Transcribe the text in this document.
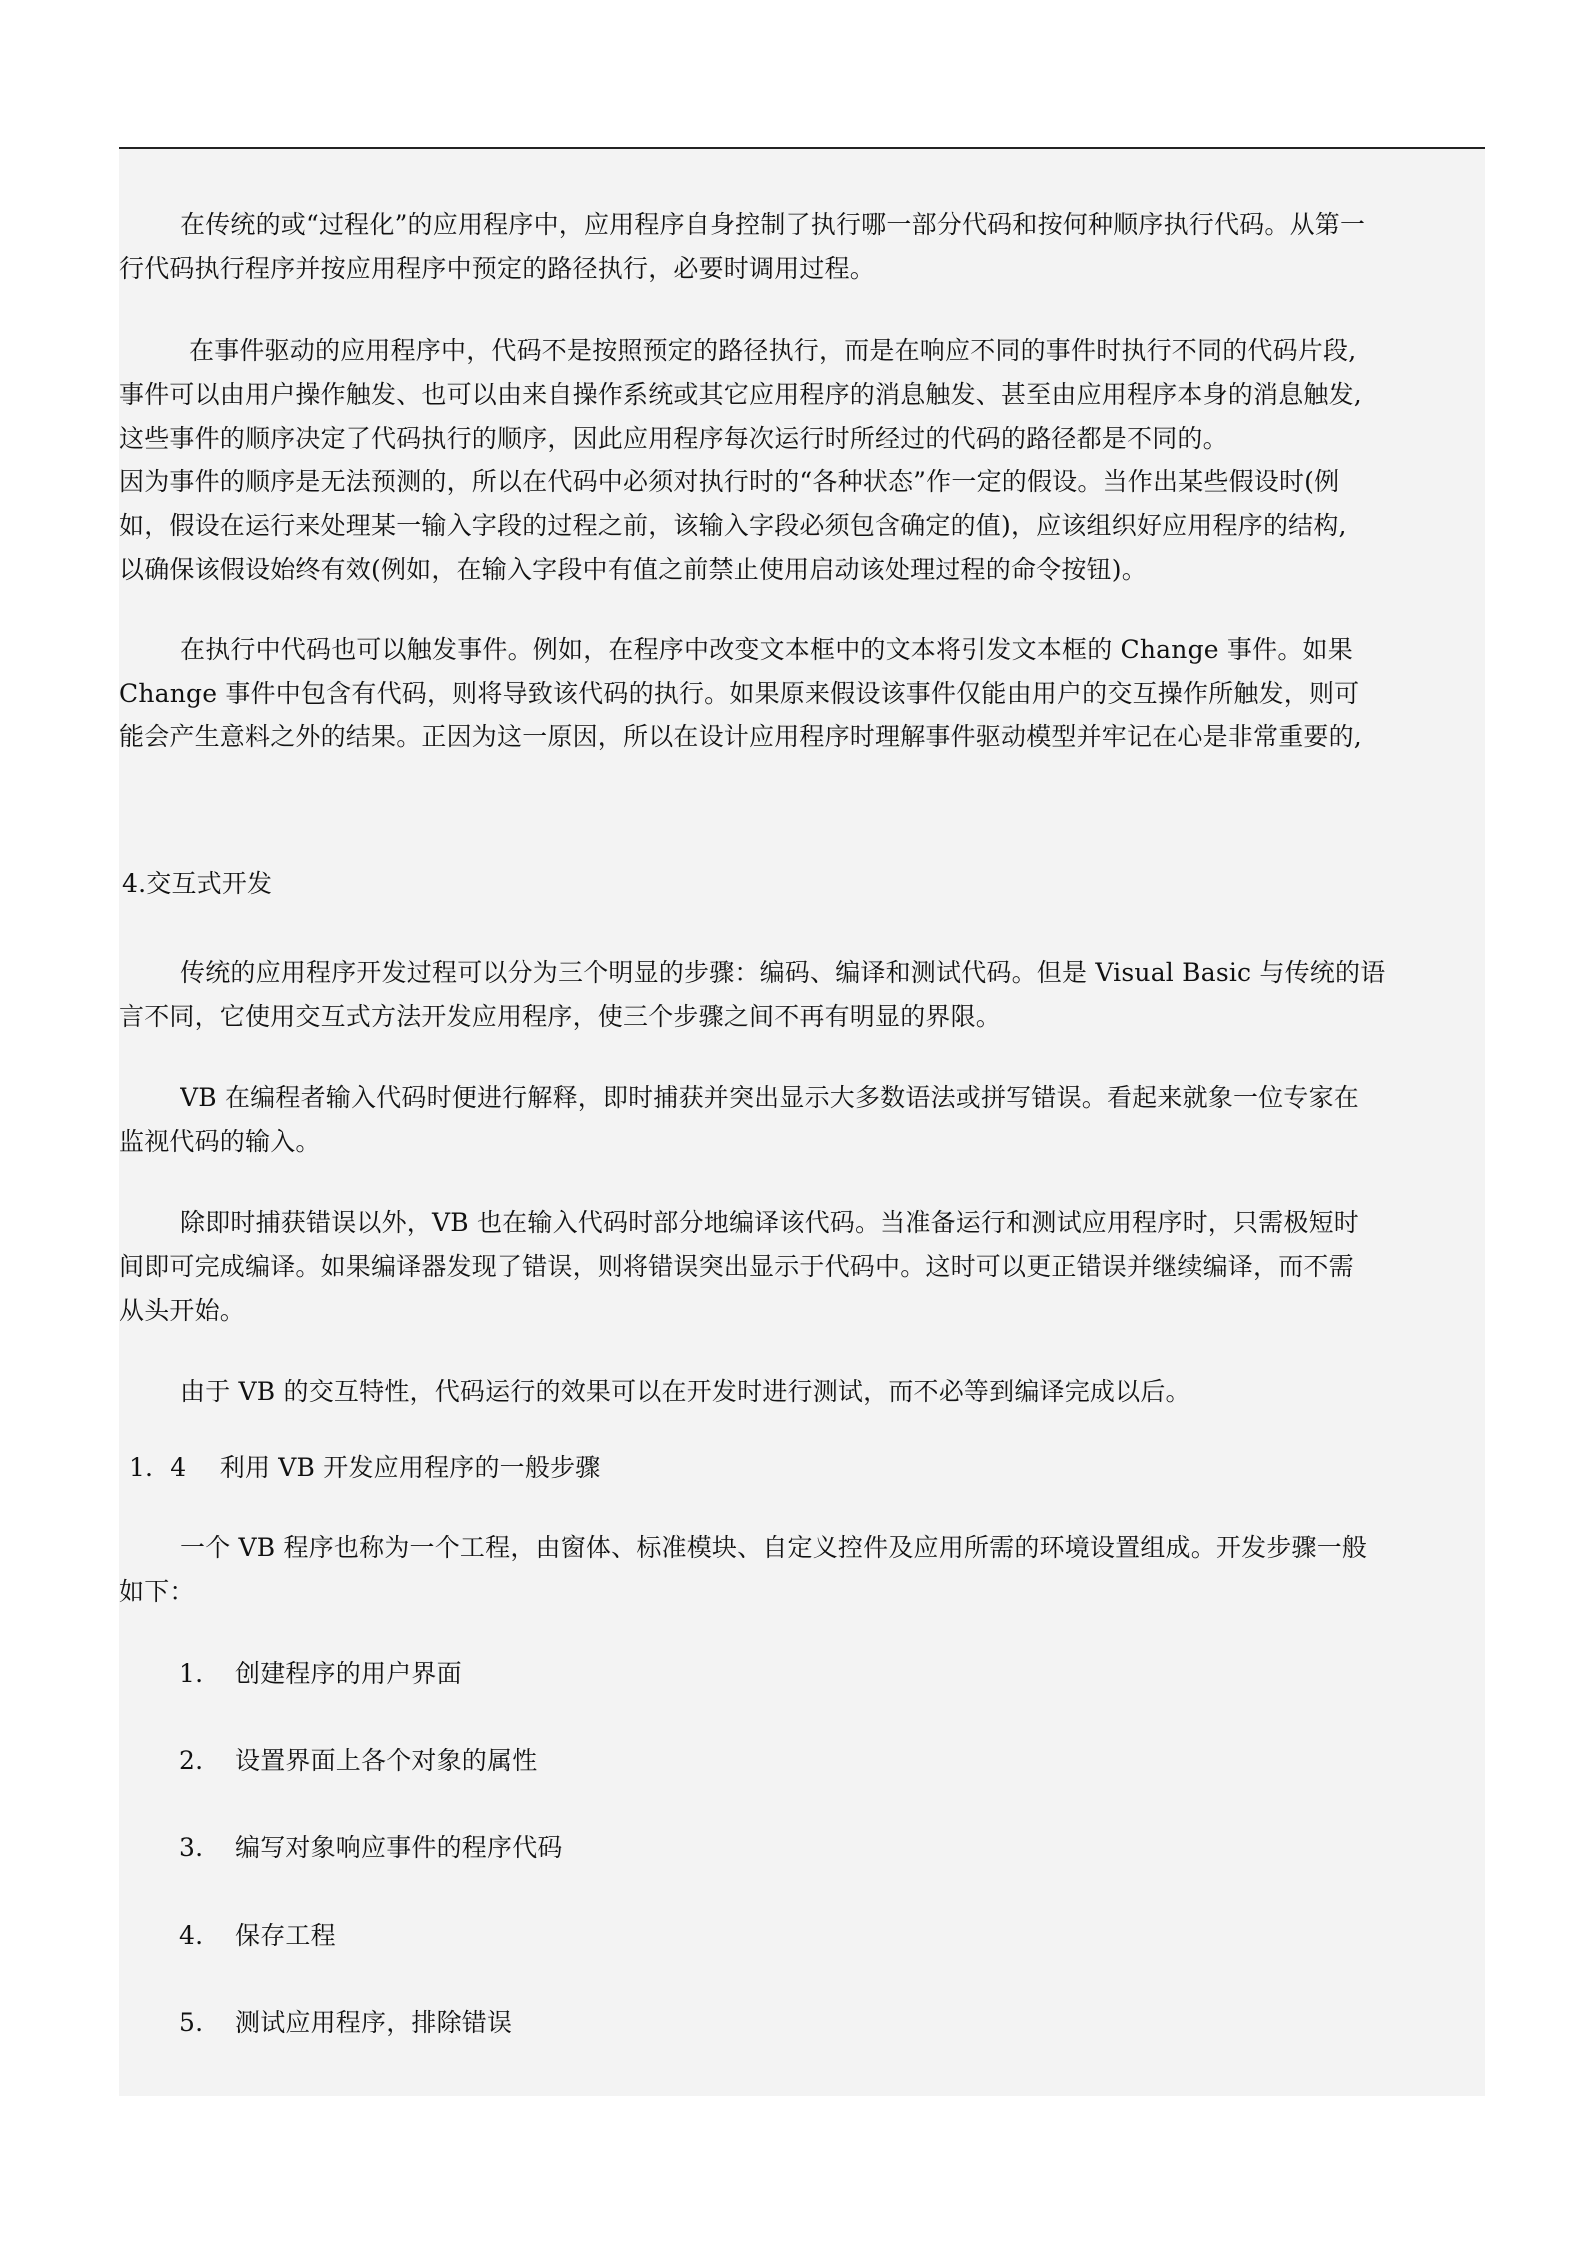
在传统的或“过程化”的应用程序中，应用程序自身控制了执行哪一部分代码和按何种顺序执行代码。从第一
行代码执行程序并按应用程序中预定的路径执行，必要时调用过程。
在事件驱动的应用程序中，代码不是按照预定的路径执行，而是在响应不同的事件时执行不同的代码片段,
事件可以由用户操作触发、也可以由来自操作系统或其它应用程序的消息触发、甚至由应用程序本身的消息触发,
这些事件的顺序决定了代码执行的顺序，因此应用程序每次运行时所经过的代码的路径都是不同的。
因为事件的顺序是无法预测的，所以在代码中必须对执行时的“各种状态”作一定的假设。当作出某些假设时(例
如，假设在运行来处理某一输入字段的过程之前，该输入字段必须包含确定的值)，应该组织好应用程序的结构,
以确保该假设始终有效(例如，在输入字段中有值之前禁止使用启动该处理过程的命令按钮)。
在执行中代码也可以触发事件。例如，在程序中改变文本框中的文本将引发文本框的 Change 事件。如果
Change 事件中包含有代码，则将导致该代码的执行。如果原来假设该事件仅能由用户的交互操作所触发，则可
能会产生意料之外的结果。正因为这一原因，所以在设计应用程序时理解事件驱动模型并牢记在心是非常重要的,
4.交互式开发
传统的应用程序开发过程可以分为三个明显的步骤：编码、编译和测试代码。但是 Visual Basic 与传统的语
言不同，它使用交互式方法开发应用程序，使三个步骤之间不再有明显的界限。
VB 在编程者输入代码时便进行解释，即时捕获并突出显示大多数语法或拼写错误。看起来就象一位专家在
监视代码的输入。
除即时捕获错误以外，VB 也在输入代码时部分地编译该代码。当准备运行和测试应用程序时，只需极短时
间即可完成编译。如果编译器发现了错误，则将错误突出显示于代码中。这时可以更正错误并继续编译，而不需
从头开始。
由于 VB 的交互特性，代码运行的效果可以在开发时进行测试，而不必等到编译完成以后。
1．4　 利用 VB 开发应用程序的一般步骤
一个 VB 程序也称为一个工程，由窗体、标准模块、自定义控件及应用所需的环境设置组成。开发步骤一般
如下：
1. 创建程序的用户界面
2. 设置界面上各个对象的属性
3. 编写对象响应事件的程序代码
4. 保存工程
5. 测试应用程序，排除错误
